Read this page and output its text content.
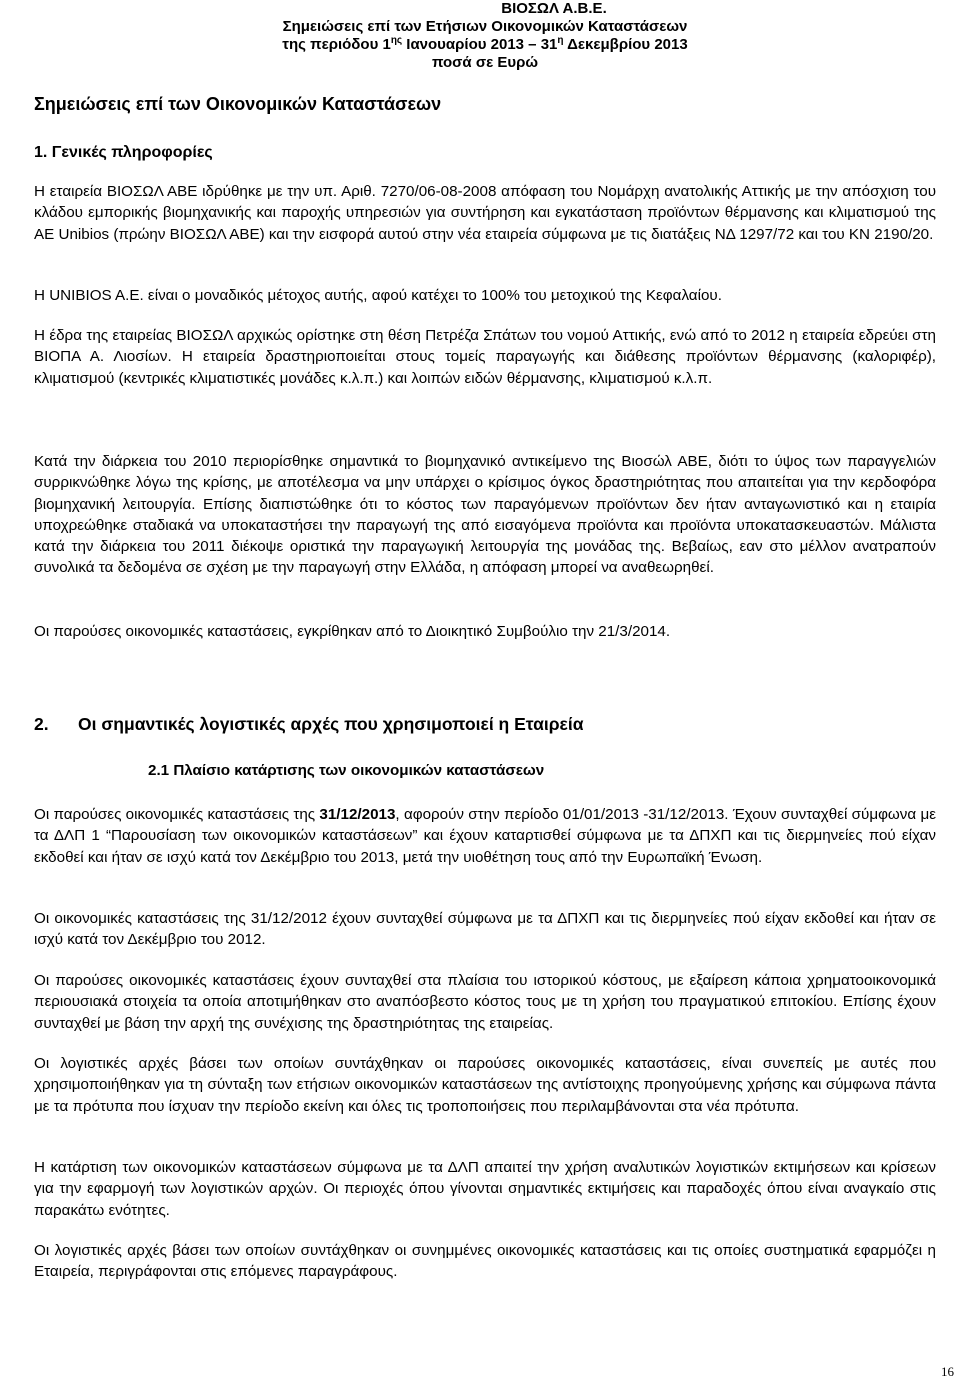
ΒΙΟΣΩΛ Α.Β.Ε.
Σημειώσεις επί των Ετήσιων Οικονομικών Καταστάσεων
της περιόδου $1^{\eta\varsigma}$ Ιανουαρίου $2013 - 31^\eta$ Δεκεμβρίου 2013
ποσά σε Ευρώ
Σημειώσεις επί των Οικονομικών Καταστάσεων
1. Γενικές πληροφορίες

Η εταιρεία ΒΙΟΣΩΛ ΑΒΕ ιδρύθηκε με την υπ. Αριθ. 7270/06-08-2008 απόφαση του Νομάρχη ανατολικής Αττικής με την απόσχιση του κλάδου εμπορικής βιομηχανικής και παροχής υπηρεσιών για συντήρηση και εγκατάσταση προϊόντων θέρμανσης και κλιματισμού της ΑΕ Unibios (πρώην ΒΙΟΣΩΛ ΑΒΕ) και την εισφορά αυτού στην νέα εταιρεία σύμφωνα με τις διατάξεις ΝΔ 1297/72 και του ΚΝ 2190/20.

Η UNIBIOS A.E. είναι ο μοναδικός μέτοχος αυτής, αφού κατέχει το 100% του μετοχικού της Κεφαλαίου.

Η έδρα της εταιρείας ΒΙΟΣΩΛ αρχικώς ορίστηκε στη θέση Πετρέζα Σπάτων του νομού Αττικής, ενώ από το 2012 η εταιρεία εδρεύει στη ΒΙΟΠΑ Α. Λιοσίων. Η εταιρεία δραστηριοποιείται στους τομείς παραγωγής και διάθεσης προϊόντων θέρμανσης (καλοριφέρ), κλιματισμού (κεντρικές κλιματιστικές μονάδες κ.λ.π.) και λοιπών ειδών θέρμανσης, κλιματισμού κ.λ.π.

Κατά την διάρκεια του 2010 περιορίσθηκε σημαντικά το βιομηχανικό αντικείμενο της Βιοσώλ ΑΒΕ, διότι το ύψος των παραγγελιών συρρικνώθηκε λόγω της κρίσης, με αποτέλεσμα να μην υπάρχει ο κρίσιμος όγκος δραστηριότητας που απαιτείται για την κερδοφόρα βιομηχανική λειτουργία. Επίσης διαπιστώθηκε ότι το κόστος των παραγόμενων προϊόντων δεν ήταν ανταγωνιστικό και η εταιρία υποχρεώθηκε σταδιακά να υποκαταστήσει την παραγωγή της από εισαγόμενα προϊόντα και προϊόντα υποκατασκευαστών. Μάλιστα κατά την διάρκεια του 2011 διέκοψε οριστικά την παραγωγική λειτουργία της μονάδας της. Βεβαίως, εαν στο μέλλον ανατραπούν συνολικά τα δεδομένα σε σχέση με την παραγωγή στην Ελλάδα, η απόφαση μπορεί να αναθεωρηθεί.

Οι παρούσες οικονομικές καταστάσεις, εγκρίθηκαν από το Διοικητικό Συμβούλιο την 21/3/2014.

2. Οι σημαντικές λογιστικές αρχές που χρησιμοποιεί η Εταιρεία
2.1 Πλαίσιο κατάρτισης των οικονομικών καταστάσεων

Οι παρούσες οικονομικές καταστάσεις της 31/12/2013, αφορούν στην περίοδο 01/01/2013 -31/12/2013. Έχουν συνταχθεί σύμφωνα με τα ΔΛΠ 1 “Παρουσίαση των οικονομικών καταστάσεων” και έχουν καταρτισθεί σύμφωνα με τα ΔΠΧΠ και τις διερμηνείες πού είχαν εκδοθεί και ήταν σε ισχύ κατά τον Δεκέμβριο του 2013, μετά την υιοθέτηση τους από την Ευρωπαϊκή Ένωση.

Οι οικονομικές καταστάσεις της 31/12/2012 έχουν συνταχθεί σύμφωνα με τα ΔΠΧΠ και τις διερμηνείες πού είχαν εκδοθεί και ήταν σε ισχύ κατά τον Δεκέμβριο του 2012.

Οι παρούσες οικονομικές καταστάσεις έχουν συνταχθεί στα πλαίσια του ιστορικού κόστους, με εξαίρεση κάποια χρηματοοικονομικά περιουσιακά στοιχεία τα οποία αποτιμήθηκαν στο αναπόσβεστο κόστος τους με τη χρήση του πραγματικού επιτοκίου. Επίσης έχουν συνταχθεί με βάση την αρχή της συνέχισης της δραστηριότητας της εταιρείας.

Οι λογιστικές αρχές βάσει των οποίων συντάχθηκαν οι παρούσες οικονομικές καταστάσεις, είναι συνεπείς με αυτές που χρησιμοποιήθηκαν για τη σύνταξη των ετήσιων οικονομικών καταστάσεων της αντίστοιχης προηγούμενης χρήσης και σύμφωνα πάντα με τα πρότυπα που ίσχυαν την περίοδο εκείνη και όλες τις τροποποιήσεις που περιλαμβάνονται στα νέα πρότυπα.

Η κατάρτιση των οικονομικών καταστάσεων σύμφωνα με τα ΔΛΠ απαιτεί την χρήση αναλυτικών λογιστικών εκτιμήσεων και κρίσεων για την εφαρμογή των λογιστικών αρχών. Οι περιοχές όπου γίνονται σημαντικές εκτιμήσεις και παραδοχές όπου είναι αναγκαίο στις παρακάτω ενότητες.

Οι λογιστικές αρχές βάσει των οποίων συντάχθηκαν οι συνημμένες οικονομικές καταστάσεις και τις οποίες συστηματικά εφαρμόζει η Εταιρεία, περιγράφονται στις επόμενες παραγράφους.

16
